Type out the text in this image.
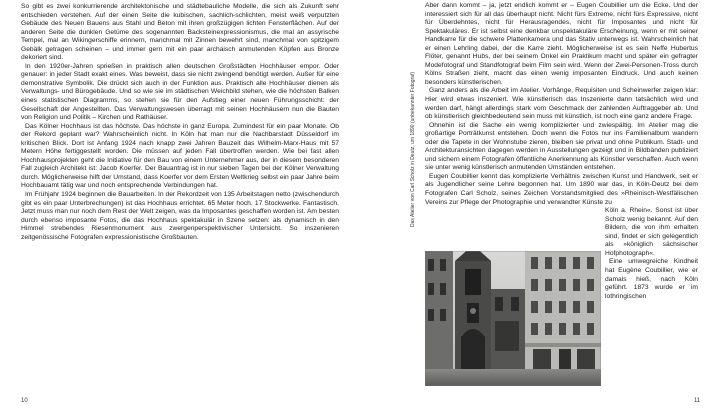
So gibt es zwei konkurrierende architektonische und städtebauliche Modelle, die sich als Zukunft sehr entschieden verstehen. Auf der einen Seite die kubischen, sachlich-schlichten, meist weiß verputzten Gebäude des Neuen Bauens aus Stahl und Beton mit ihren großzügigen lichten Fensterflächen. Auf der anderen Seite die dunklen Getüme des sogenannten Backsteinexpressionismus, die mal an assyrische Tempel, mal an Wikingerschiffe erinnern, manchmal mit Zinnen bewehrt sind, manchmal von spitzigem Gebälk getragen scheinen – und immer gern mit ein paar archaisch anmutenden Köpfen aus Bronze dekoriert sind.

In den 1920er-Jahren sprießen in praktisch allen deutschen Großstädten Hochhäuser empor. Oder genauer: in jeder Stadt exakt eines. Was beweist, dass sie nicht zwingend benötigt werden. Außer für eine demonstrative Symbolik. Die drückt sich auch in der Funktion aus. Praktisch alle Hochhäuser dienen als Verwaltungs- und Bürogebäude. Und so wie sie im städtischen Weichbild stehen, wie die höchsten Balken eines statistischen Diagramms, so stehen sie für den Aufstieg einer neuen Führungsschicht: der Gesellschaft der Angestellten. Das Verwaltungswesen überragt mit seinen Hochhäusern nun die Bauten von Religion und Politik – Kirchen und Rathäuser.

Das Kölner Hochhaus ist das höchste. Das höchste in ganz Europa. Zumindest für ein paar Monate. Ob der Rekord geplant war? Wahrscheinlich nicht. In Köln hat man nur die Nachbarstadt Düsseldorf im kritischen Blick. Dort ist Anfang 1924 nach knapp zwei Jahren Bauzeit das Wilhelm-Marx-Haus mit 57 Metern Höhe fertiggestellt worden. Die müssen auf jeden Fall übertroffen werden. Wie bei fast allen Hochhausprojekten geht die Initiative für den Bau von einem Unternehmer aus, der in diesem besonderen Fall zugleich Architekt ist: Jacob Koerfer. Der Bauantrag ist in nur sieben Tagen bei der Kölner Verwaltung durch. Möglicherweise hilft der Umstand, dass Koerfer vor dem Ersten Weltkrieg selbst ein paar Jahre beim Hochbauamt tätig war und noch entsprechende Verbindungen hat.

Im Frühjahr 1924 beginnen die Bauarbeiten. In der Rekordzeit von 135 Arbeitstagen netto (zwischendurch gibt es ein paar Unterbrechungen) ist das Hochhaus errichtet. 65 Meter hoch. 17 Stockwerke. Fantastisch. Jetzt muss man nur noch dem Rest der Welt zeigen, was da Imposantes geschaffen worden ist. Am besten durch ebenso imposante Fotos, die das Hochhaus spektakulär in Szene setzen: als dynamisch in den Himmel strebendes Riesenmonument aus zwergenperspektivischer Untersicht. So inszenieren zeitgenössische Fotografen expressionistische Großbauten.

10
Das Atelier von Carl Scholz in Deutz, um 1890 (unbekannter Fotograf)

Aber dann kommt – ja, jetzt endlich kommt er – Eugen Coubillier um die Ecke. Und der interessiert sich für all das überhaupt nicht. Nicht fürs Extreme, nicht fürs Expressive, nicht für Überdehntes, nicht für Herausragendes, nicht für Imposantes und nicht für Spektakuläres. Er ist selbst eine denkbar unspektakuläre Erscheinung, wenn er mit seiner Handkarre für die schwere Plattenkamera und das Stativ unterwegs ist. Wahrscheinlich hat er einen Lehrling dabei, der die Karre zieht. Möglicherweise ist es sein Neffe Hubertus Flöter, genannt Hubs, der bei seinem Onkel ein Praktikum macht und später ein gefragter Modefotograf und Standfotograf beim Film sein wird. Wenn der Zwei-Personen-Tross durch Kölns Straßen zieht, macht das einen wenig imposanten Eindruck. Und auch keinen besonders künstlerischen.

Ganz anders als die Arbeit im Atelier. Vorhänge, Requisiten und Scheinwerfer zeigen klar: Hier wird etwas inszeniert. Wie künstlerisch das Inszenierte dann tatsächlich wird und werden darf, hängt allerdings stark vom Geschmack der zahlenden Auftraggeber ab. Und ob künstlerisch gleichbedeutend sein muss mit künstlich, ist noch eine ganz andere Frage.

Ohnehin ist die Sache ein wenig komplizierter und zwiespältig. Im Atelier mag die großartige Porträtkunst entstehen. Doch wenn die Fotos nur ins Familienalbum wandern oder die Tapete in der Wohnstube zieren, bleiben sie privat und ohne Publikum. Stadt- und Architekturansichten dagegen werden in Ausstellungen gezeigt und in Bildbänden publiziert und sichern einem Fotografen öffentliche Anerkennung als Künstler verschaffen. Auch wenn sie unter wenig künstlerisch anmutenden Umständen entstehen.

Eugen Coubillier kennt das komplizierte Verhältnis zwischen Kunst und Handwerk, seit er als Jugendlicher seine Lehre begonnen hat. Um 1890 war das, in Köln-Deutz bei dem Fotografen Carl Scholz, seines Zeichen Vorstandsmitglied des »Rheinisch-Westfälischen Vereins zur Pflege der Photographie und verwandter Künste zu

Köln a. Rhein«. Sonst ist über Scholz wenig bekannt. Auf den Bildern, die von ihm erhalten sind, findet er sich gelegentlich als »königlich sächsischer Hofphotograph«.

Eine umwegreiche Kindheit hat Eugène Coubillier, wie er damals hieß, nach Köln geführt. 1873 wurde er im lothringischen

11
